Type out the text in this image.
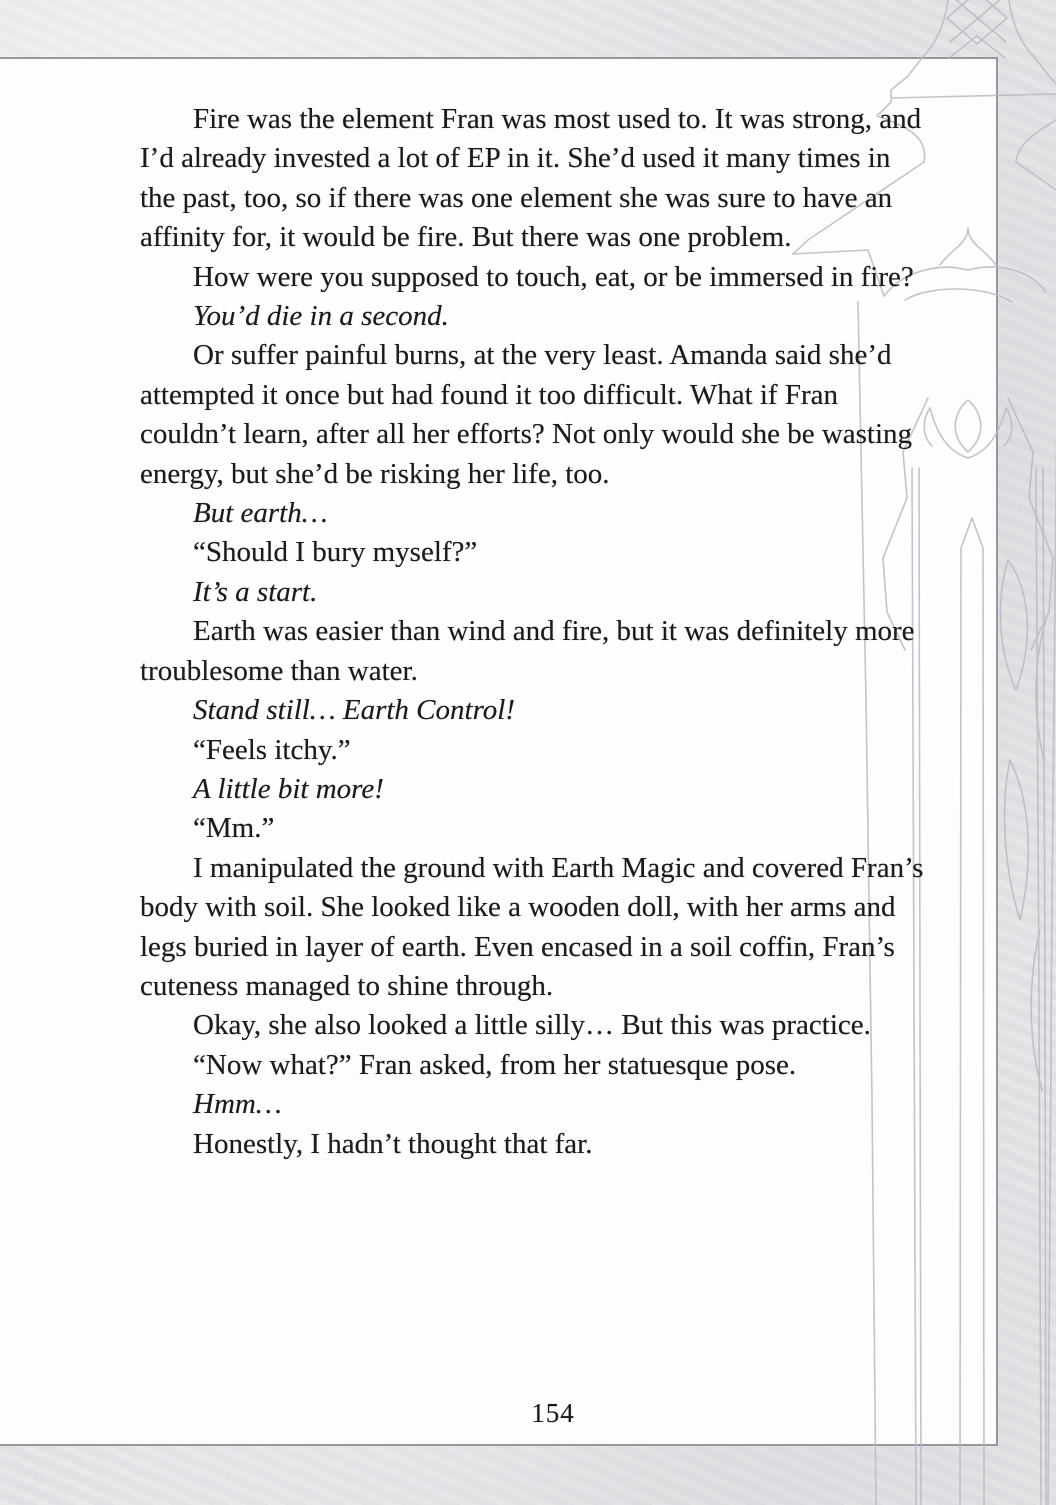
Fire was the element Fran was most used to. It was strong, and I’d already invested a lot of EP in it. She’d used it many times in the past, too, so if there was one element she was sure to have an affinity for, it would be fire. But there was one problem.

How were you supposed to touch, eat, or be immersed in fire?

You’d die in a second.

Or suffer painful burns, at the very least. Amanda said she’d attempted it once but had found it too difficult. What if Fran couldn’t learn, after all her efforts? Not only would she be wasting energy, but she’d be risking her life, too.

But earth…

“Should I bury myself?”

It’s a start.

Earth was easier than wind and fire, but it was definitely more troublesome than water.

Stand still… Earth Control!

“Feels itchy.”

A little bit more!

“Mm.”

I manipulated the ground with Earth Magic and covered Fran’s body with soil. She looked like a wooden doll, with her arms and legs buried in layer of earth. Even encased in a soil coffin, Fran’s cuteness managed to shine through.

Okay, she also looked a little silly… But this was practice.

“Now what?” Fran asked, from her statuesque pose.

Hmm…

Honestly, I hadn’t thought that far.

154
